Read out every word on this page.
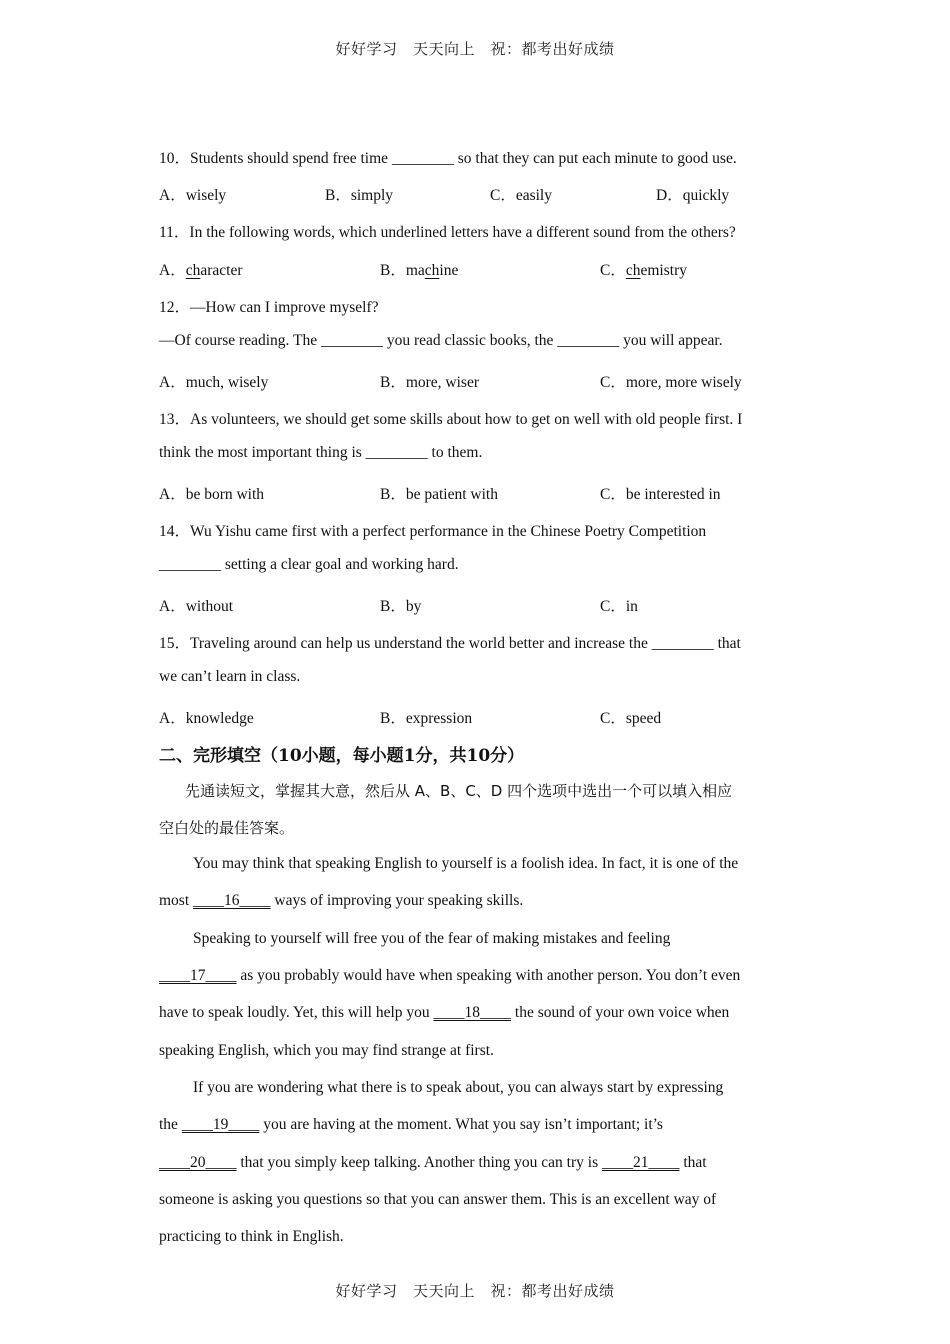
好好学习　天天向上　祝：都考出好成绩
10．Students should spend free time ________ so that they can put each minute to good use.
A．wisely	B．simply	C．easily	D．quickly
11．In the following words, which underlined letters have a different sound from the others?
A．character	B．machine	C．chemistry
12．—How can I improve myself?
—Of course reading. The ________ you read classic books, the ________ you will appear.
A．much, wisely	B．more, wiser	C．more, more wisely
13．As volunteers, we should get some skills about how to get on well with old people first. I
think the most important thing is ________ to them.
A．be born with	B．be patient with	C．be interested in
14．Wu Yishu came first with a perfect performance in the Chinese Poetry Competition
________ setting a clear goal and working hard.
A．without	B．by	C．in
15．Traveling around can help us understand the world better and increase the ________ that
we can’t learn in class.
A．knowledge	B．expression	C．speed
二、完形填空（10小题，每小题1分，共10分）
先通读短文，掌握其大意，然后从 A、B、C、D 四个选项中选出一个可以填入相应
空白处的最佳答案。
You may think that speaking English to yourself is a foolish idea. In fact, it is one of the
most ____16____ ways of improving your speaking skills.
Speaking to yourself will free you of the fear of making mistakes and feeling
____17____ as you probably would have when speaking with another person. You don’t even
have to speak loudly. Yet, this will help you ____18____ the sound of your own voice when
speaking English, which you may find strange at first.
If you are wondering what there is to speak about, you can always start by expressing
the ____19____ you are having at the moment. What you say isn’t important; it’s
____20____ that you simply keep talking. Another thing you can try is ____21____ that
someone is asking you questions so that you can answer them. This is an excellent way of
practicing to think in English.
好好学习　天天向上　祝：都考出好成绩
